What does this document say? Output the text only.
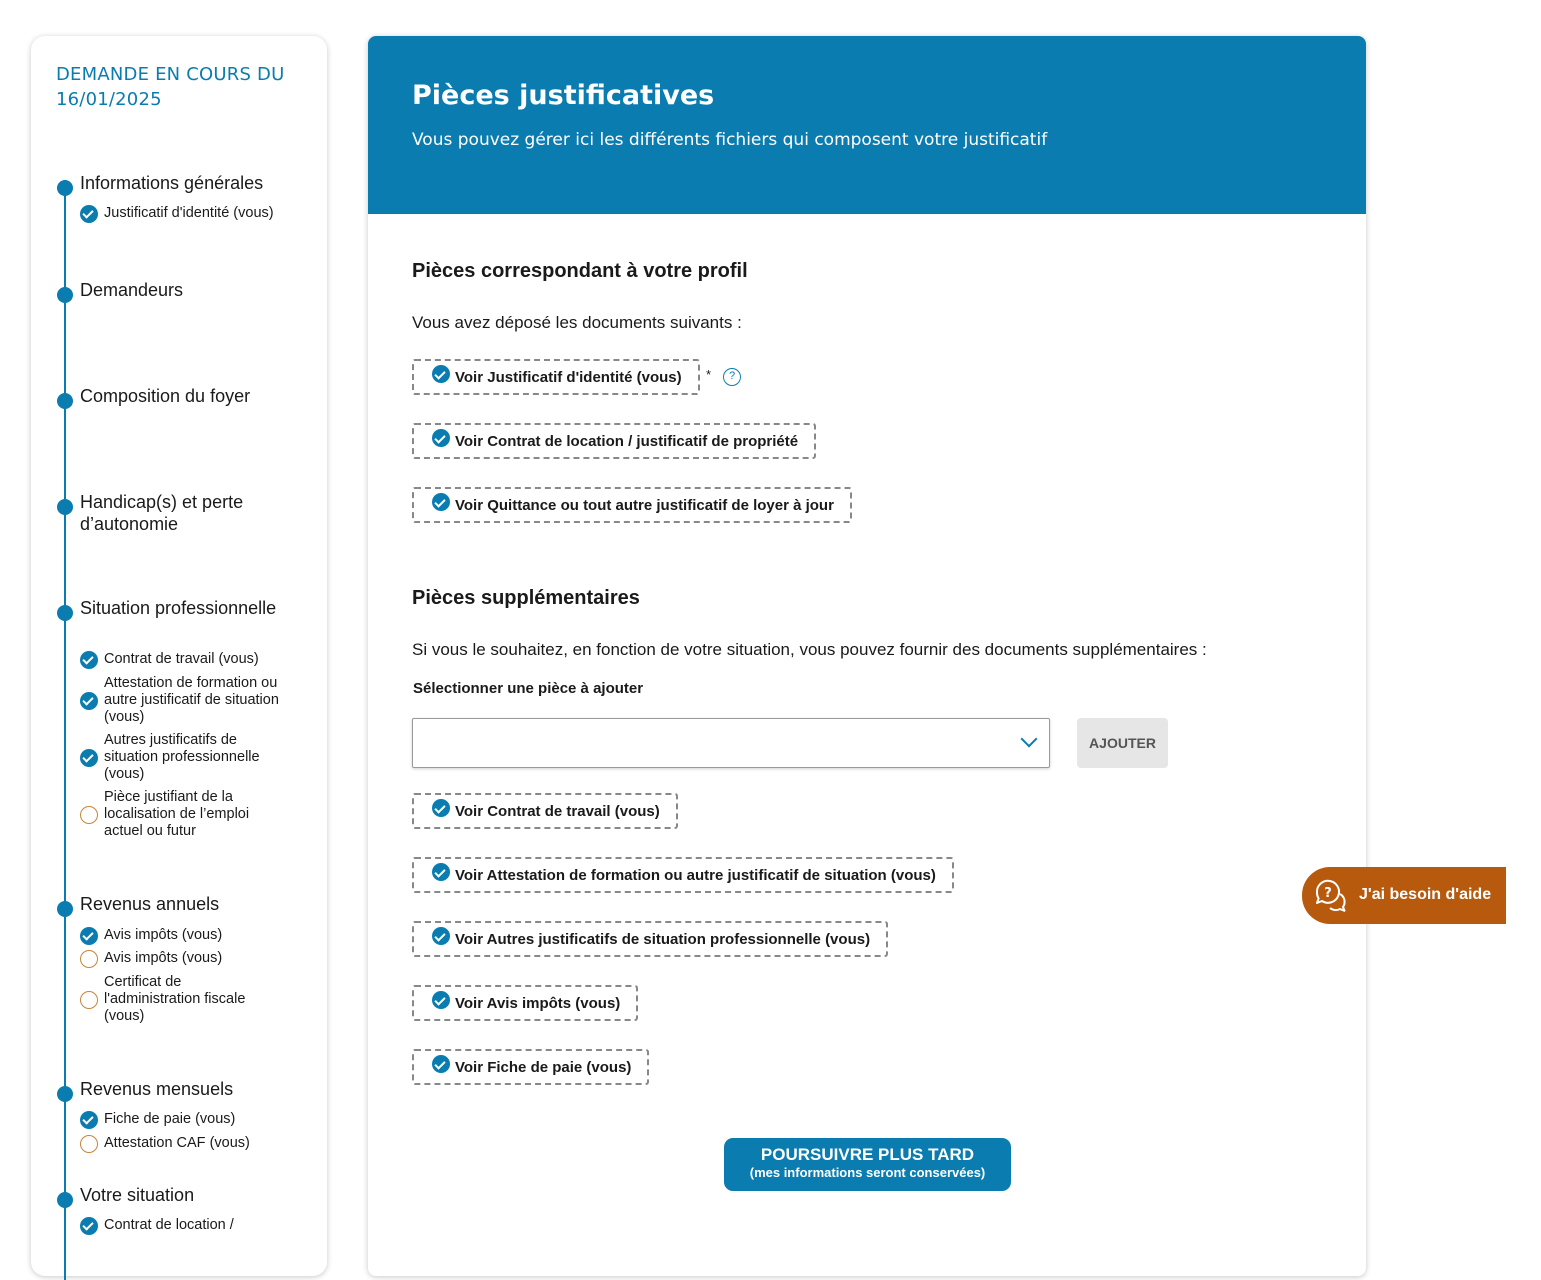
DEMANDE EN COURS DU 16/01/2025
Informations générales
Justificatif d'identité (vous)
Demandeurs
Composition du foyer
Handicap(s) et perte d’autonomie
Situation professionnelle
Contrat de travail (vous)
Attestation de formation ou autre justificatif de situation (vous)
Autres justificatifs de situation professionnelle (vous)
Pièce justifiant de la localisation de l’emploi actuel ou futur
Revenus annuels
Avis impôts (vous)
Avis impôts (vous)
Certificat de l'administration fiscale (vous)
Revenus mensuels
Fiche de paie (vous)
Attestation CAF (vous)
Votre situation
Contrat de location /
Pièces justificatives
Vous pouvez gérer ici les différents fichiers qui composent votre justificatif
Pièces correspondant à votre profil
Vous avez déposé les documents suivants :
Voir Justificatif d'identité (vous) *	?
Voir Contrat de location / justificatif de propriété
Voir Quittance ou tout autre justificatif de loyer à jour
Pièces supplémentaires
Si vous le souhaitez, en fonction de votre situation, vous pouvez fournir des documents supplémentaires :
Sélectionner une pièce à ajouter
AJOUTER
Voir Contrat de travail (vous)
Voir Attestation de formation ou autre justificatif de situation (vous)
Voir Autres justificatifs de situation professionnelle (vous)
Voir Avis impôts (vous)
Voir Fiche de paie (vous)
POURSUIVRE PLUS TARD
(mes informations seront conservées)
? J'ai besoin d'aide
